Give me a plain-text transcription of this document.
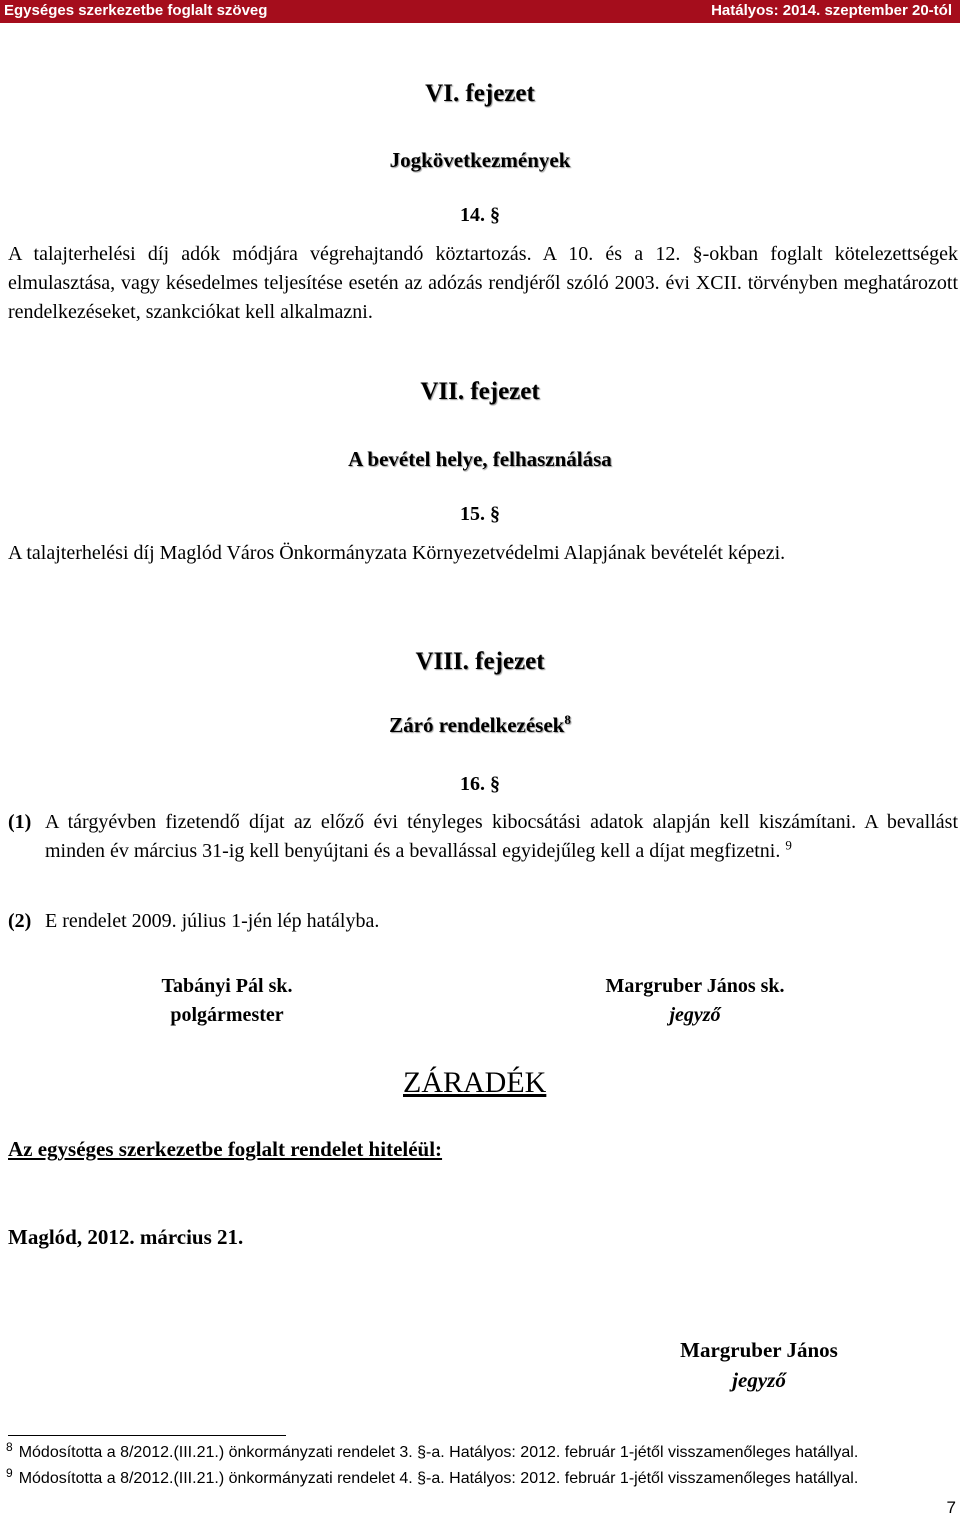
Egységes szerkezetbe foglalt szöveg	Hatályos: 2014. szeptember 20-tól
VI. fejezet
Jogkövetkezmények
14. §
A talajterhelési díj adók módjára végrehajtandó köztartozás. A 10. és a 12. §-okban foglalt kötelezettségek elmulasztása, vagy késedelmes teljesítése esetén az adózás rendjéről szóló 2003. évi XCII. törvényben meghatározott rendelkezéseket, szankciókat kell alkalmazni.
VII. fejezet
A bevétel helye, felhasználása
15. §
A talajterhelési díj Maglód Város Önkormányzata Környezetvédelmi Alapjának bevételét képezi.
VIII. fejezet
Záró rendelkezések$^8$
16. §
(1) A tárgyévben fizetendő díjat az előző évi tényleges kibocsátási adatok alapján kell kiszámítani. A bevallást minden év március 31-ig kell benyújtani és a bevallással egyidejűleg kell a díjat megfizetni. $^9$
(2) E rendelet 2009. július 1-jén lép hatályba.
Tabányi Pál sk.
polgármester
Margruber János sk.
jegyző
ZÁRADÉK
Az egységes szerkezetbe foglalt rendelet hiteléül:
Maglód, 2012. március 21.
Margruber János
jegyző
$^8$ Módosította a 8/2012.(III.21.) önkormányzati rendelet 3. §-a. Hatályos: 2012. február 1-jétől visszamenőleges hatállyal.
$^9$ Módosította a 8/2012.(III.21.) önkormányzati rendelet 4. §-a. Hatályos: 2012. február 1-jétől visszamenőleges hatállyal.
7
